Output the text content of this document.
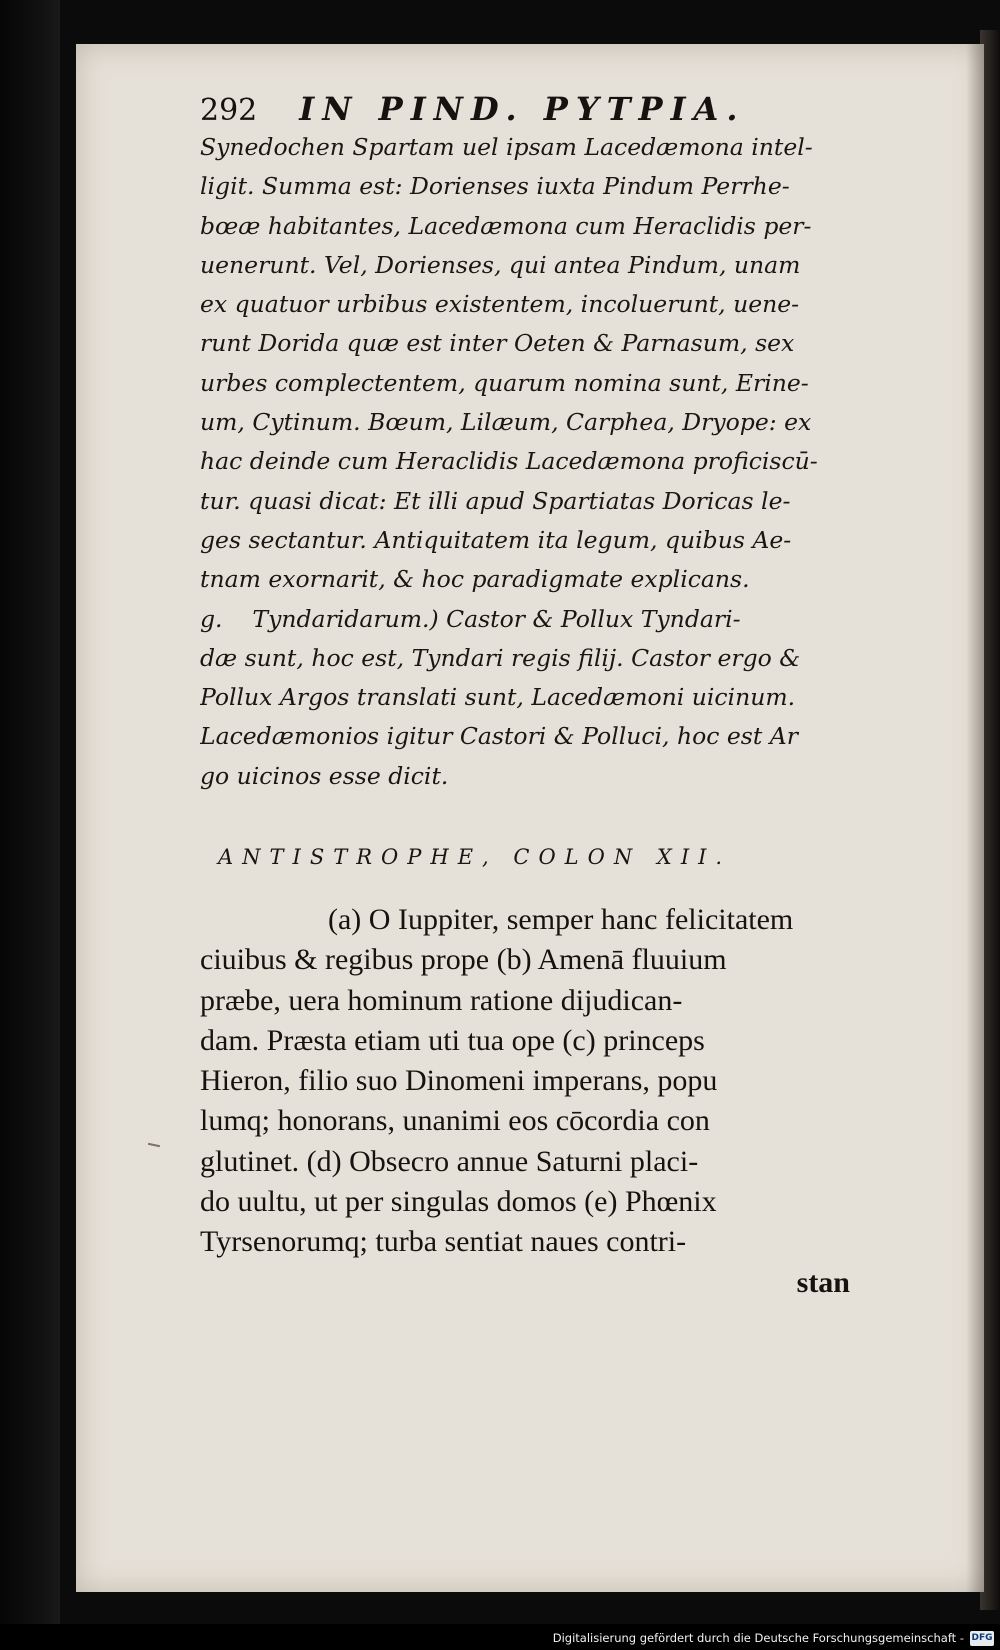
292 IN PIND. PYTPIA.
Synedochen Spartam uel ipsam Lacedæmona intel-
ligit. Summa est: Dorienses iuxta Pindum Perrhe-
bœæ habitantes, Lacedæmona cum Heraclidis per-
uenerunt. Vel, Dorienses, qui antea Pindum, unam
ex quatuor urbibus existentem, incoluerunt, uene-
runt Dorida quæ est inter Oeten & Parnasum, sex
urbes complectentem, quarum nomina sunt, Erine-
um, Cytinum. Bœum, Lilæum, Carphea, Dryope: ex
hac deinde cum Heraclidis Lacedæmona proficiscū-
tur. quasi dicat: Et illi apud Spartiatas Doricas le-
ges sectantur. Antiquitatem ita legum, quibus Ae-
tnam exornarit, & hoc paradigmate explicans.
g.    Tyndaridarum.) Castor & Pollux Tyndari-
dæ sunt, hoc est, Tyndari regis filij. Castor ergo &
Pollux Argos translati sunt, Lacedæmoni uicinum.
Lacedæmonios igitur Castori & Polluci, hoc est Ar
go uicinos esse dicit.
ANTISTROPHE, COLON XII.
(a) O Iuppiter, semper hanc felicitatem
ciuibus & regibus prope (b) Amenā fluuium
præbe, uera hominum ratione dijudican-
dam. Præsta etiam uti tua ope (c) princeps
Hieron, filio suo Dinomeni imperans, popu
lumq; honorans, unanimi eos cōcordia con
glutinet. (d) Obsecro annue Saturni placi-
do uultu, ut per singulas domos (e) Phœnix
Tyrsenorumq; turba sentiat naues contri-
stan
Digitalisierung gefördert durch die Deutsche Forschungsgemeinschaft - DFG
